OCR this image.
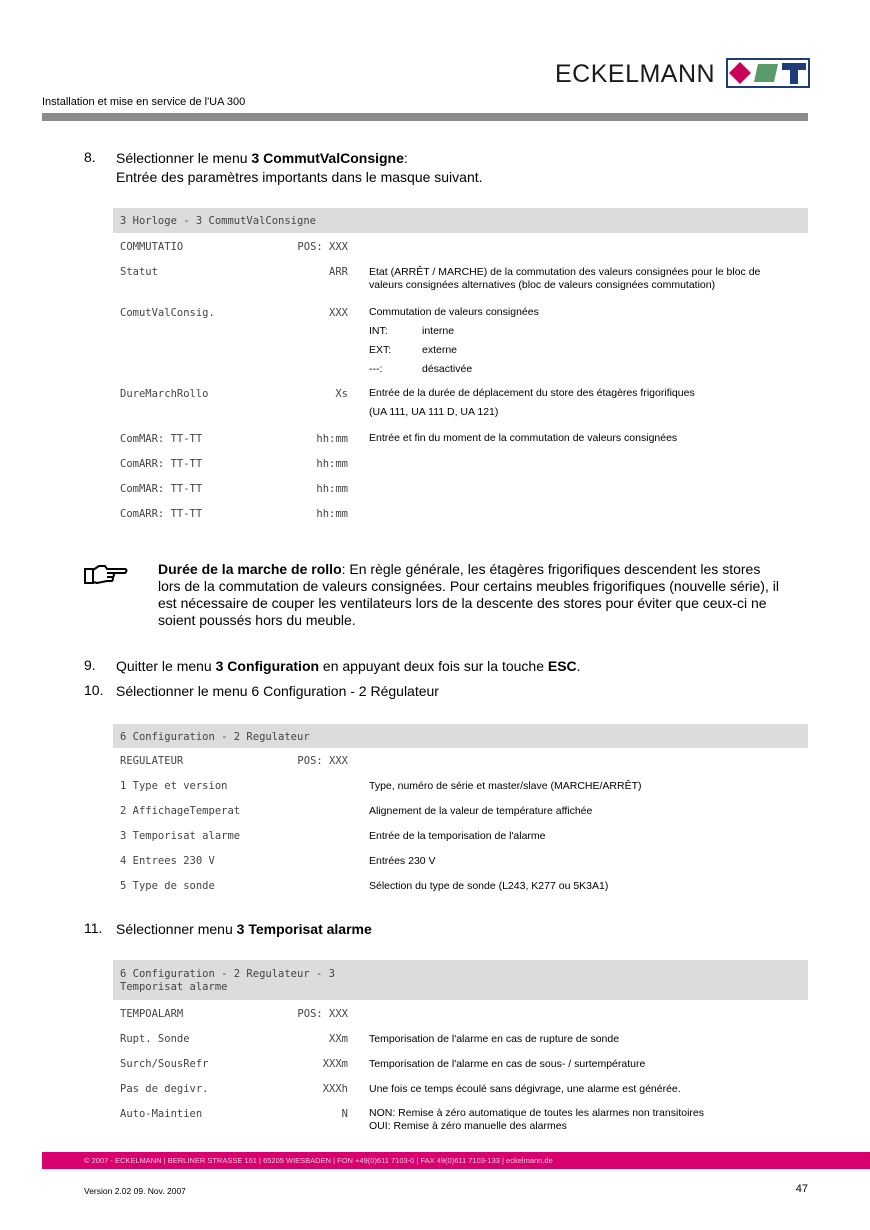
ECKELMANN
Installation et mise en service de l'UA 300
8. Sélectionner le menu 3 CommutValConsigne:
Entrée des paramètres importants dans le masque suivant.
3 Horloge - 3 CommutValConsigne
COMMUTATIO	POS: XXX
Statut	ARR Etat (ARRÊT / MARCHE) de la commutation des valeurs consignées pour le bloc de
valeurs consignées alternatives (bloc de valeurs consignées commutation)
ComutValConsig.	XXX Commutation de valeurs consignées
INT:	interne
EXT:	externe
---:	désactivée
DureMarchRollo	Xs Entrée de la durée de déplacement du store des étagères frigorifiques
(UA 111, UA 111 D, UA 121)
ComMAR: TT-TT	hh:mm Entrée et fin du moment de la commutation de valeurs consignées
ComARR: TT-TT	hh:mm
ComMAR: TT-TT	hh:mm
ComARR: TT-TT	hh:mm
Durée de la marche de rollo: En règle générale, les étagères frigorifiques descendent les stores
lors de la commutation de valeurs consignées. Pour certains meubles frigorifiques (nouvelle série), il
est nécessaire de couper les ventilateurs lors de la descente des stores pour éviter que ceux-ci ne
soient poussés hors du meuble.
9. Quitter le menu 3 Configuration en appuyant deux fois sur la touche ESC.
10. Sélectionner le menu 6 Configuration - 2 Régulateur
6 Configuration - 2 Regulateur
REGULATEUR	POS: XXX
1 Type et version	Type, numéro de série et master/slave (MARCHE/ARRÊT)
2 AffichageTemperat	Alignement de la valeur de température affichée
3 Temporisat alarme	Entrée de la temporisation de l'alarme
4 Entrees 230 V	Entrées 230 V
5 Type de sonde	Sélection du type de sonde (L243, K277 ou 5K3A1)
11. Sélectionner menu 3 Temporisat alarme
6 Configuration - 2 Regulateur - 3
Temporisat alarme
TEMPOALARM	POS: XXX
Rupt. Sonde	XXm Temporisation de l'alarme en cas de rupture de sonde
Surch/SousRefr	XXXm Temporisation de l'alarme en cas de sous- / surtempérature
Pas de degivr.	XXXh Une fois ce temps écoulé sans dégivrage, une alarme est générée.
Auto-Maintien	N NON: Remise à zéro automatique de toutes les alarmes non transitoires
OUI: Remise à zéro manuelle des alarmes
© 2007 - ECKELMANN | BERLINER STRASSE 161 | 65205 WIESBADEN | FON +49(0)611 7103-0 | FAX 49(0)611 7103-133 | eckelmann.de
Version 2.02 09. Nov. 2007	47
